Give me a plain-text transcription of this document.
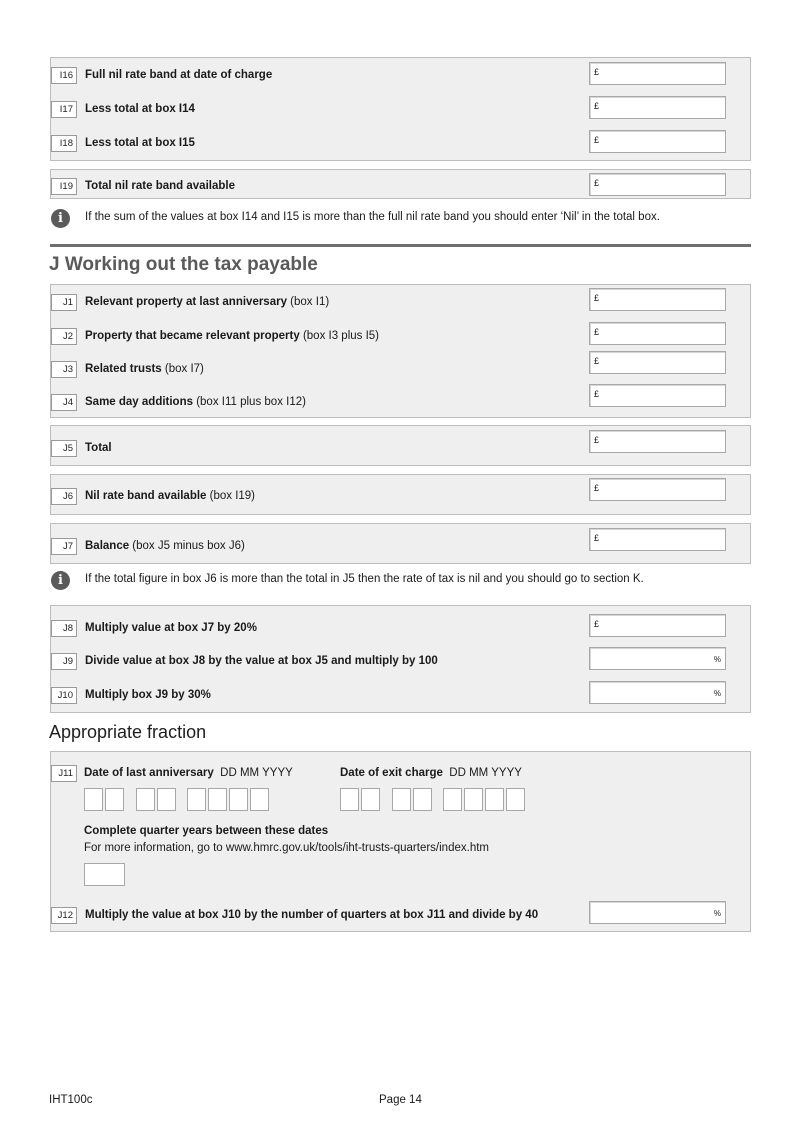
I16	Full nil rate band at date of charge	£
I17	Less total at box I14	£
I18	Less total at box I15	£
I19	Total nil rate band available	£
i	If the sum of the values at box I14 and I15 is more than the full nil rate band you should enter ‘Nil’ in the total box.
J Working out the tax payable
J1	Relevant property at last anniversary (box I1)	£
J2	Property that became relevant property (box I3 plus I5)	£
J3	Related trusts (box I7)
£
J4	Same day additions (box I11 plus box I12)
£
J5	Total
£
J6	Nil rate band available (box I19)
£
J7	Balance (box J5 minus box J6)
£
i	If the total figure in box J6 is more than the total in J5 then the rate of tax is nil and you should go to section K.
J8	Multiply value at box J7 by 20%	£
J9	Divide value at box J8 by the value at box J5 and multiply by 100	%
J10	Multiply box J9 by 30%	%
Appropriate fraction
J11 Date of last anniversary DD MM YYYY	Date of exit charge DD MM YYYY
Complete quarter years between these dates
For more information, go to www.hmrc.gov.uk/tools/iht-trusts-quarters/index.htm
J12	Multiply the value at box J10 by the number of quarters at box J11 and divide by 40	%
IHT100c	Page 14
